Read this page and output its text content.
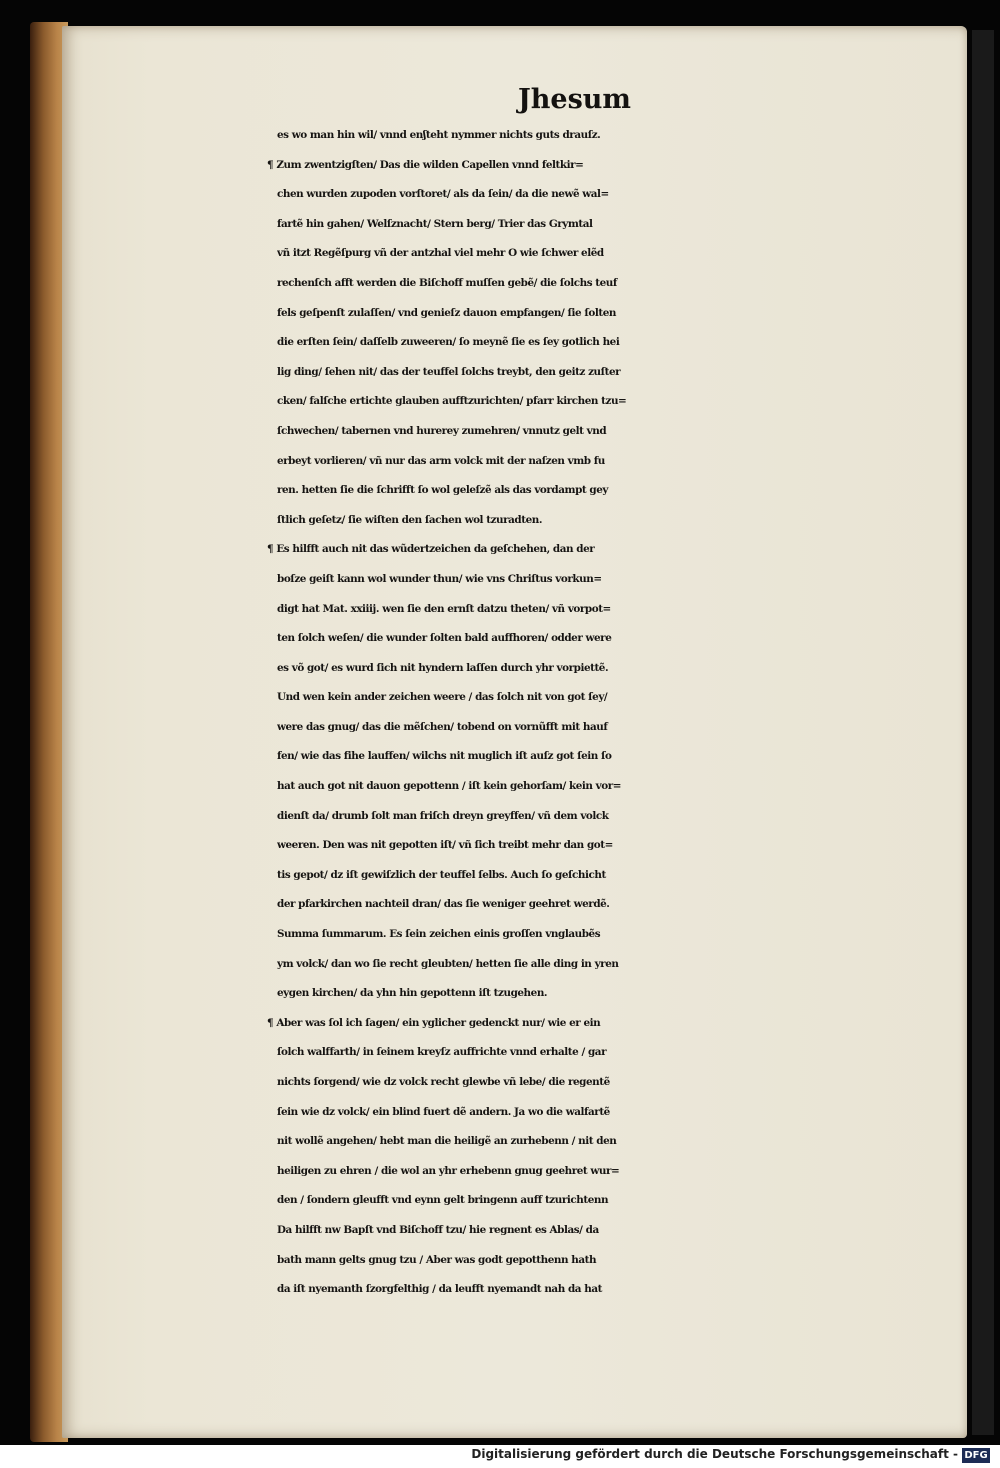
Jhesum
es wo man hin wil/ vnnd enʃteht nymmer nichts guts drauſz.
¶ Zum zwentzigſten/ Das die wilden Capellen vnnd feltkir=
chen wurden zupoden vorſtoret/ als da ſein/ da die newẽ wal=
fartẽ hin gahen/ Welſznacht/ Stern berg/ Trier das Grymtal
vñ itzt Regẽſpurg vñ der antzhal viel mehr O wie ſchwer elẽd
rechenſch afft werden die Biſchoff muſſen gebẽ/ die ſolchs teuf
fels geſpenſt zulaſſen/ vnd genieſz dauon empfangen/ ſie ſolten
die erſten ſein/ daſſelb zuweeren/ ſo meynẽ ſie es ſey gotlich hei
lig ding/ ſehen nit/ das der teuffel ſolchs treybt, den geitz zuſter
cken/ falſche ertichte glauben aufftzurichten/ pfarr kirchen tzu=
ſchwechen/ tabernen vnd hurerey zumehren/ vnnutz gelt vnd
erbeyt vorlieren/ vñ nur das arm volck mit der naſzen vmb fu
ren. hetten ſie die ſchrifft ſo wol geleſzẽ als das vordampt gey
ſtlich geſetz/ ſie wiſten den ſachen wol tzuradten.
¶ Es hilfft auch nit das wũdertzeichen da geſchehen, dan der
boſze geiſt kann wol wunder thun/ wie vns Chriſtus vorkun=
digt hat Mat. xxiiij. wen ſie den ernſt datzu theten/ vñ vorpot=
ten ſolch weſen/ die wunder ſolten bald auffhoren/ odder were
es võ got/ es wurd ſich nit hyndern laſſen durch yhr vorpiettẽ.
Und wen kein ander zeichen weere / das ſolch nit von got ſey/
were das gnug/ das die mẽſchen/ tobend on vornũfft mit hauf
fen/ wie das fihe lauffen/ wilchs nit muglich iſt auſz got ſein ſo
hat auch got nit dauon gepottenn / iſt kein gehorſam/ kein vor=
dienſt da/ drumb ſolt man friſch dreyn greyffen/ vñ dem volck
weeren. Den was nit gepotten iſt/ vñ ſich treibt mehr dan got=
tis gepot/ dz iſt gewiſzlich der teuffel ſelbs. Auch ſo geſchicht
der pfarkirchen nachteil dran/ das ſie weniger geehret werdẽ.
Summa ſummarum. Es ſein zeichen einis groſſen vnglaubẽs
ym volck/ dan wo ſie recht gleubten/ hetten ſie alle ding in yren
eygen kirchen/ da yhn hin gepottenn iſt tzugehen.
¶ Aber was ſol ich ſagen/ ein yglicher gedenckt nur/ wie er ein
ſolch walffarth/ in ſeinem kreyſz auffrichte vnnd erhalte / gar
nichts ſorgend/ wie dz volck recht glewbe vñ lebe/ die regentẽ
ſein wie dz volck/ ein blind fuert dẽ andern. Ja wo die walfartẽ
nit wollẽ angehen/ hebt man die heiligẽ an zurhebenn / nit den
heiligen zu ehren / die wol an yhr erhebenn gnug geehret wur=
den / ſondern gleufft vnd eynn gelt bringenn auff tzurichtenn
Da hilfft nw Bapſt vnd Biſchoff tzu/ hie regnent es Ablas/ da
bath mann gelts gnug tzu / Aber was godt gepotthenn hath
da iſt nyemanth ſzorgfelthig / da leufft nyemandt nah da hat
Digitalisierung gefördert durch die Deutsche Forschungsgemeinschaft - DFG
